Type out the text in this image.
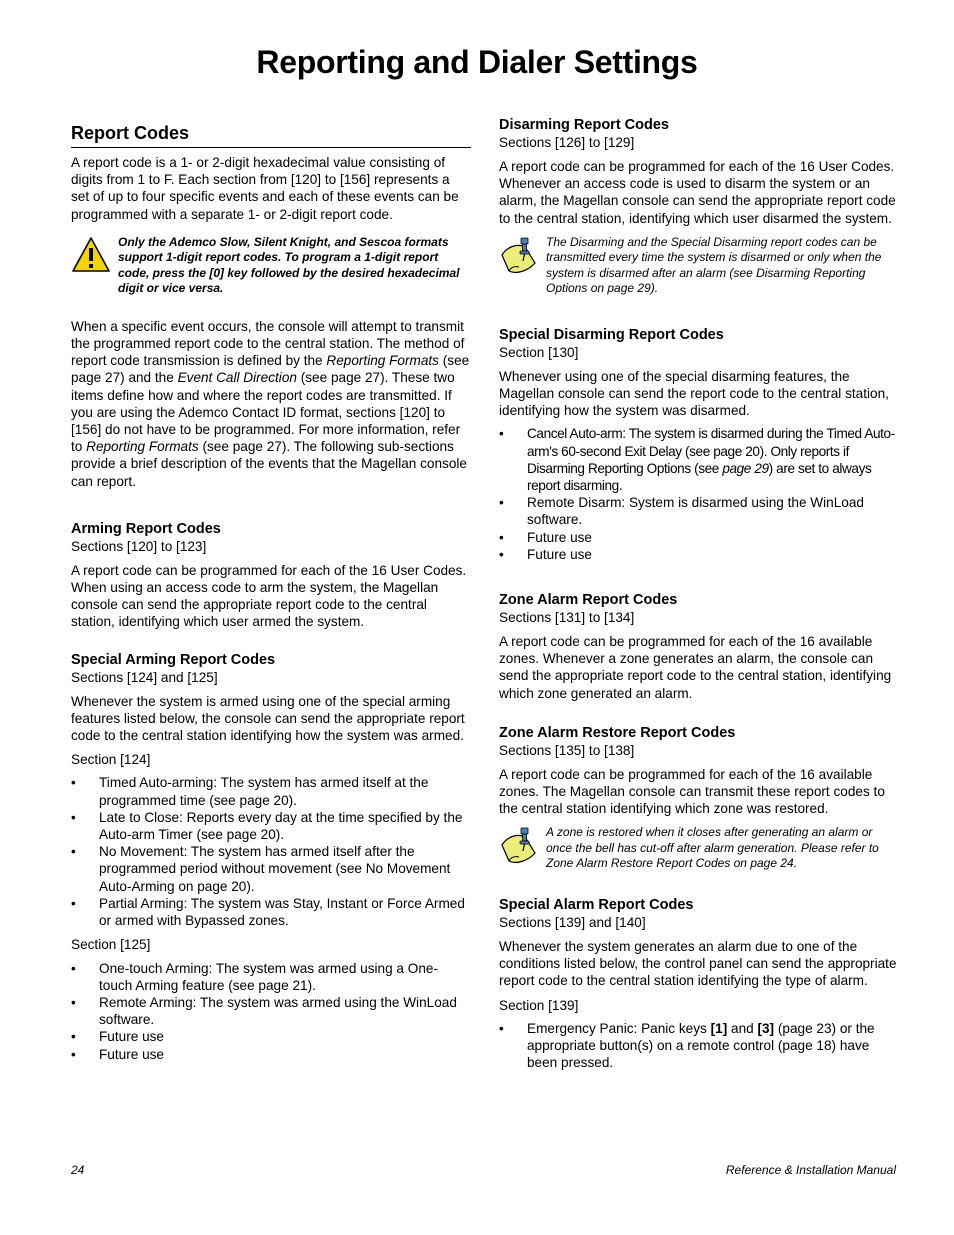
Reporting and Dialer Settings
Report Codes

A report code is a 1- or 2-digit hexadecimal value consisting of digits from 1 to F. Each section from [120] to [156] represents a set of up to four specific events and each of these events can be programmed with a separate 1- or 2-digit report code.

Only the Ademco Slow, Silent Knight, and Sescoa formats support 1-digit report codes. To program a 1-digit report code, press the [0] key followed by the desired hexadecimal digit or vice versa.

When a specific event occurs, the console will attempt to transmit the programmed report code to the central station. The method of report code transmission is defined by the Reporting Formats (see page 27) and the Event Call Direction (see page 27). These two items define how and where the report codes are transmitted. If you are using the Ademco Contact ID format, sections [120] to [156] do not have to be programmed. For more information, refer to Reporting Formats (see page 27). The following sub-sections provide a brief description of the events that the Magellan console can report.

Arming Report Codes

Sections [120] to [123]

A report code can be programmed for each of the 16 User Codes. When using an access code to arm the system, the Magellan console can send the appropriate report code to the central station, identifying which user armed the system.

Special Arming Report Codes

Sections [124] and [125]

Whenever the system is armed using one of the special arming features listed below, the console can send the appropriate report code to the central station identifying how the system was armed.

Section [124]

• Timed Auto-arming: The system has armed itself at the programmed time (see page 20).
• Late to Close: Reports every day at the time specified by the Auto-arm Timer (see page 20).
• No Movement: The system has armed itself after the programmed period without movement (see No Movement Auto-Arming on page 20).
• Partial Arming: The system was Stay, Instant or Force Armed or armed with Bypassed zones.

Section [125]

• One-touch Arming: The system was armed using a One-touch Arming feature (see page 21).
• Remote Arming: The system was armed using the WinLoad software.
• Future use
• Future use
Disarming Report Codes

Sections [126] to [129]

A report code can be programmed for each of the 16 User Codes. Whenever an access code is used to disarm the system or an alarm, the Magellan console can send the appropriate report code to the central station, identifying which user disarmed the system.

The Disarming and the Special Disarming report codes can be transmitted every time the system is disarmed or only when the system is disarmed after an alarm (see Disarming Reporting Options on page 29).

Special Disarming Report Codes

Section [130]

Whenever using one of the special disarming features, the Magellan console can send the report code to the central station, identifying how the system was disarmed.

• Cancel Auto-arm: The system is disarmed during the Timed Auto-arm's 60-second Exit Delay (see page 20). Only reports if Disarming Reporting Options (see page 29) are set to always report disarming.
• Remote Disarm: System is disarmed using the WinLoad software.
• Future use
• Future use
Zone Alarm Report Codes

Sections [131] to [134]

A report code can be programmed for each of the 16 available zones. Whenever a zone generates an alarm, the console can send the appropriate report code to the central station, identifying which zone generated an alarm.

Zone Alarm Restore Report Codes

Sections [135] to [138]

A report code can be programmed for each of the 16 available zones. The Magellan console can transmit these report codes to the central station identifying which zone was restored.

A zone is restored when it closes after generating an alarm or once the bell has cut-off after alarm generation. Please refer to Zone Alarm Restore Report Codes on page 24.

Special Alarm Report Codes

Sections [139] and [140]

Whenever the system generates an alarm due to one of the conditions listed below, the control panel can send the appropriate report code to the central station identifying the type of alarm.

Section [139]

• Emergency Panic: Panic keys [1] and [3] (page 23) or the appropriate button(s) on a remote control (page 18) have been pressed.
24	Reference & Installation Manual
